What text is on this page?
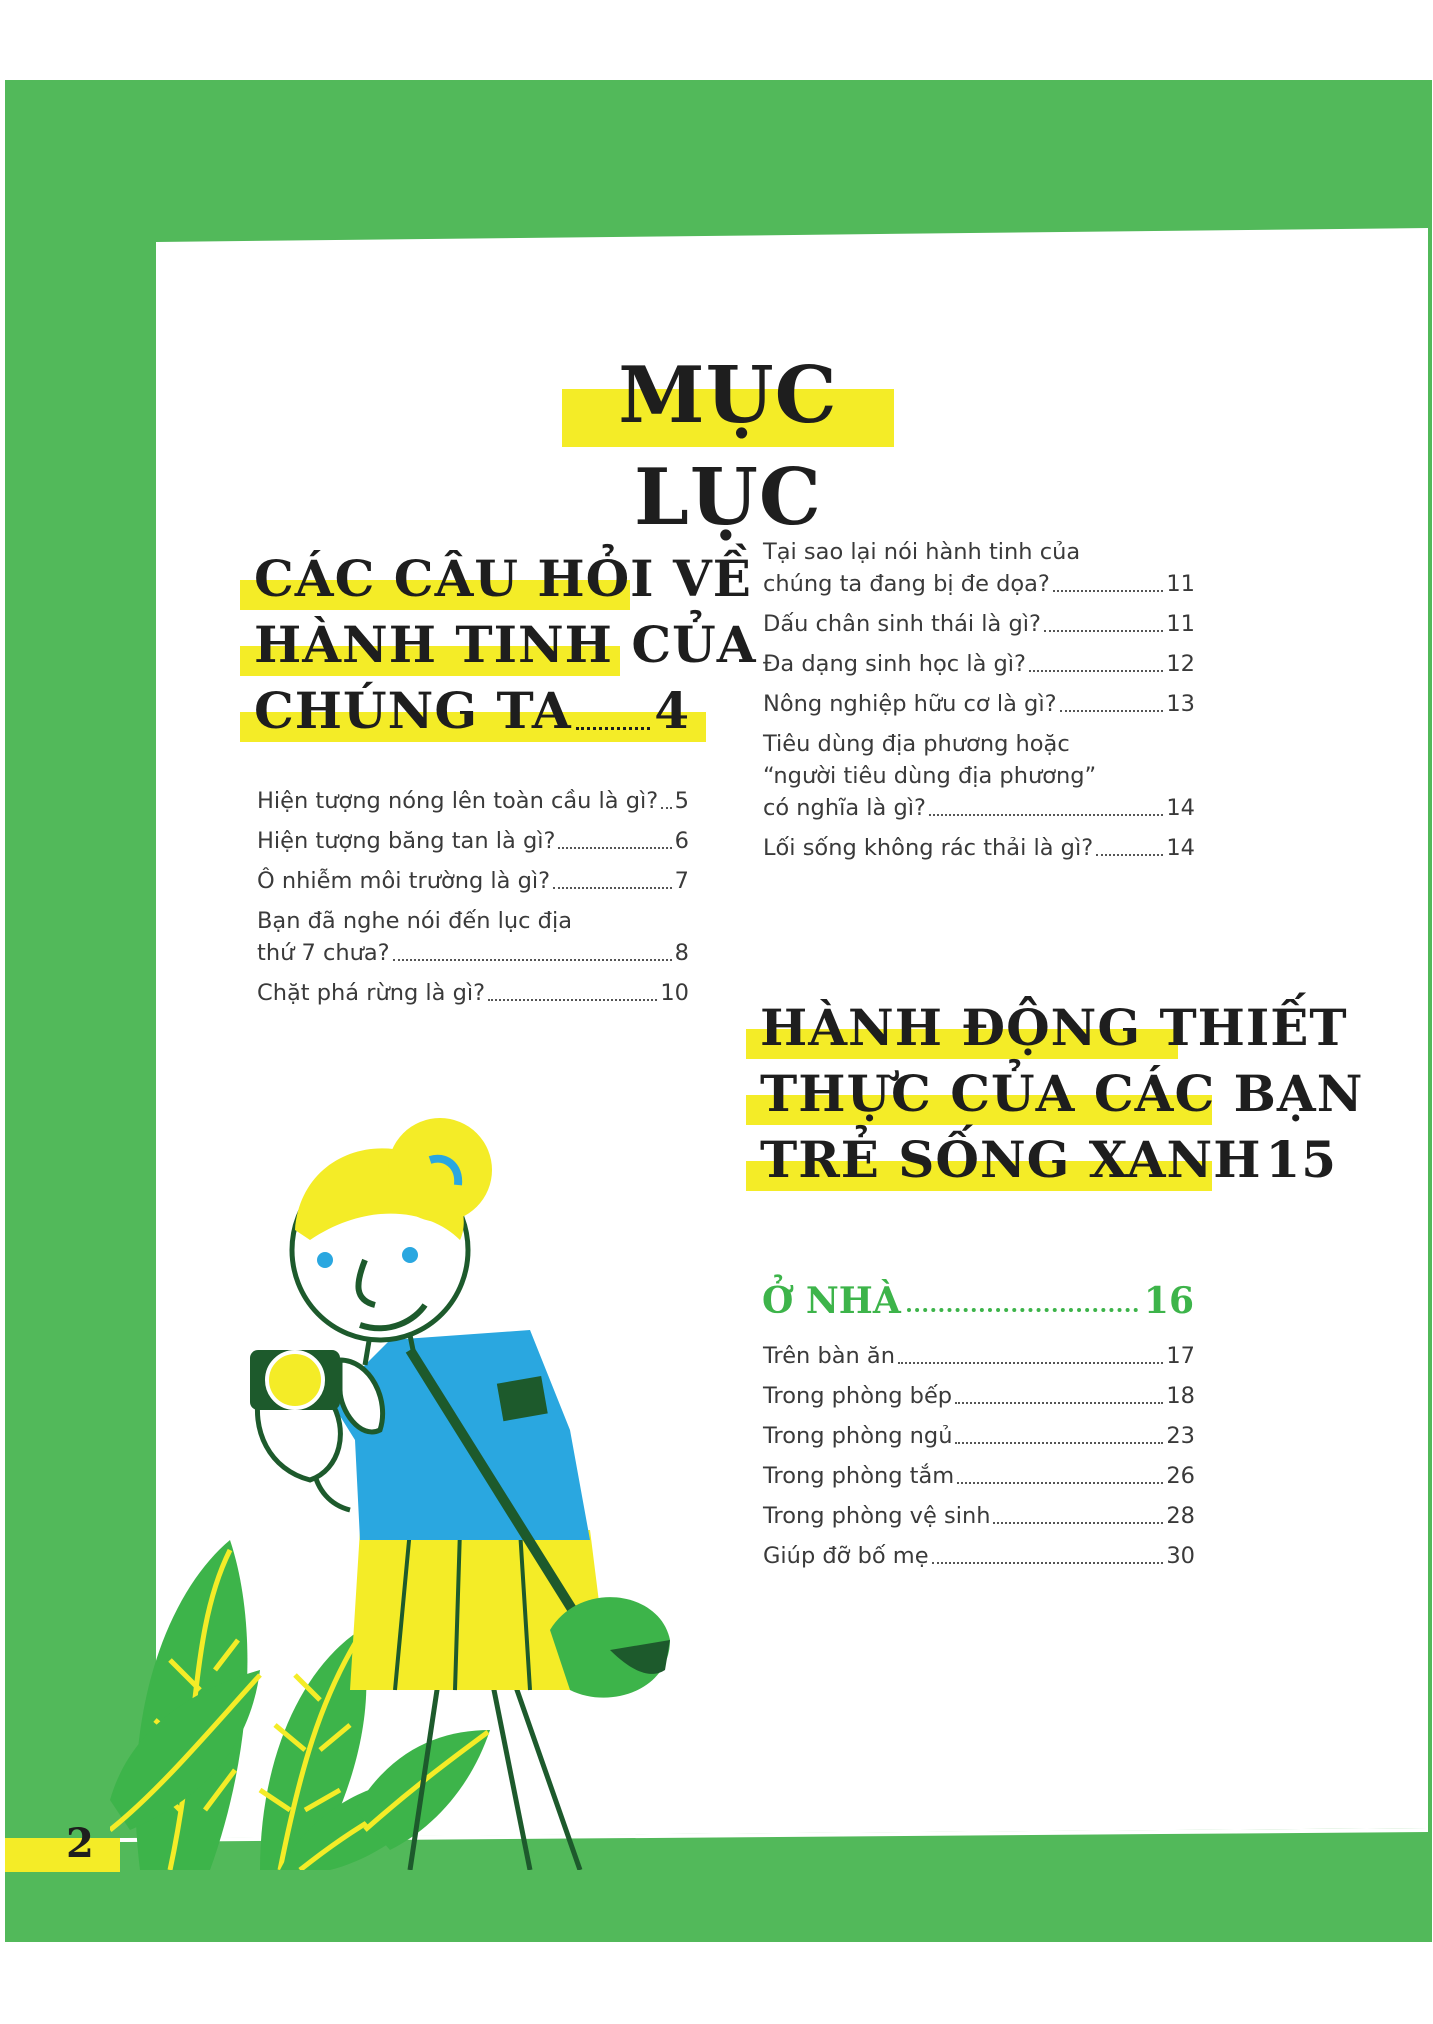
MỤC LỤC
CÁC CÂU HỎI VỀ
HÀNH TINH CỦA
CHÚNG TA 4
Hiện tượng nóng lên toàn cầu là gì? 5
Hiện tượng băng tan là gì?	6
Ô nhiễm môi trường là gì?	7
Bạn đã nghe nói đến lục địa
thứ 7 chưa?	8
Chặt phá rừng là gì?	10
Tại sao lại nói hành tinh của
chúng ta đang bị đe dọa?	11
Dấu chân sinh thái là gì?	11
Đa dạng sinh học là gì?	12
Nông nghiệp hữu cơ là gì?	13
Tiêu dùng địa phương hoặc
“người tiêu dùng địa phương”
có nghĩa là gì?	14
Lối sống không rác thải là gì?	14
HÀNH ĐỘNG THIẾT
THỰC CỦA CÁC BẠN
TRẺ SỐNG XANH 15
Ở NHÀ	16
Trên bàn ăn	17
Trong phòng bếp	18
Trong phòng ngủ	23
Trong phòng tắm	26
Trong phòng vệ sinh	28
Giúp đỡ bố mẹ	30
2
